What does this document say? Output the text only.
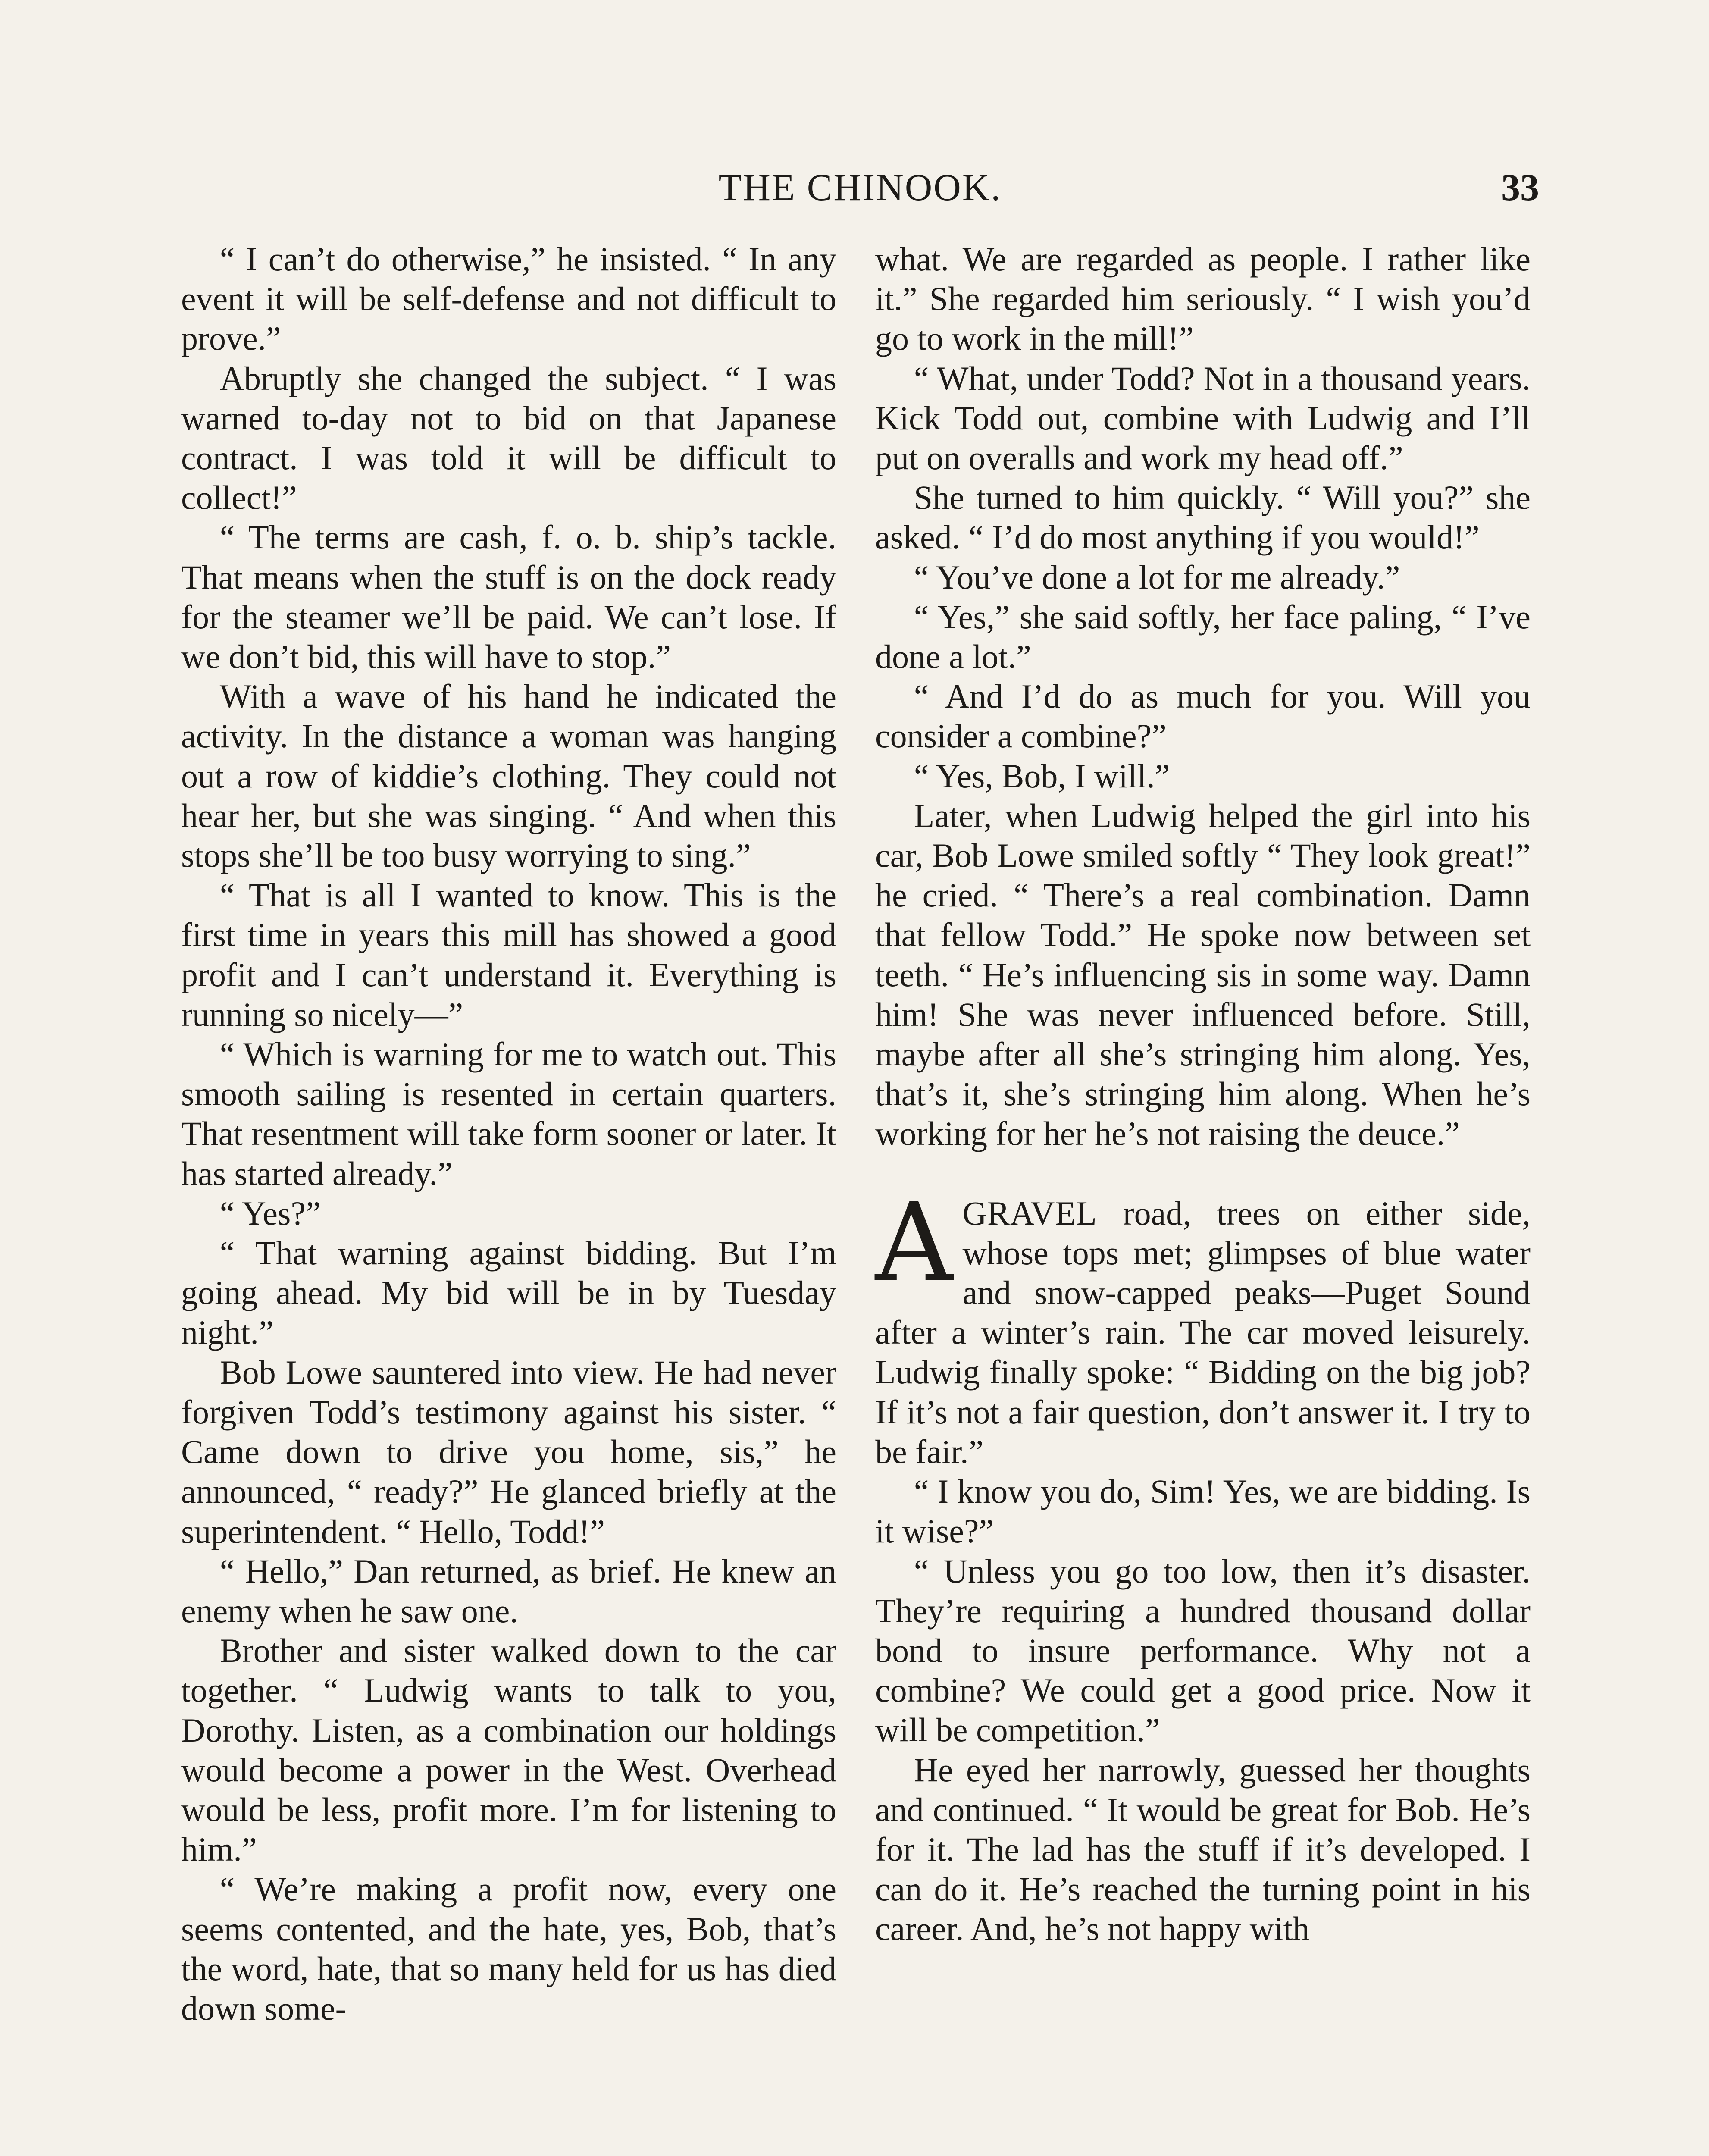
THE CHINOOK.	33

“ I can’t do otherwise,” he insisted. “ In any event it will be self-defense and not difficult to prove.”

Abruptly she changed the subject. “ I was warned to-day not to bid on that Japanese contract. I was told it will be difficult to collect!”

“ The terms are cash, f. o. b. ship’s tackle. That means when the stuff is on the dock ready for the steamer we’ll be paid. We can’t lose. If we don’t bid, this will have to stop.”

With a wave of his hand he indicated the activity. In the distance a woman was hanging out a row of kiddie’s clothing. They could not hear her, but she was singing. “ And when this stops she’ll be too busy worrying to sing.”

“ That is all I wanted to know. This is the first time in years this mill has showed a good profit and I can’t understand it. Everything is running so nicely—”

“ Which is warning for me to watch out. This smooth sailing is resented in certain quarters. That resentment will take form sooner or later. It has started already.”

“ Yes?”

“ That warning against bidding. But I’m going ahead. My bid will be in by Tuesday night.”

Bob Lowe sauntered into view. He had never forgiven Todd’s testimony against his sister. “ Came down to drive you home, sis,” he announced, “ ready?” He glanced briefly at the superintendent. “ Hello, Todd!”

“ Hello,” Dan returned, as brief. He knew an enemy when he saw one.

Brother and sister walked down to the car together. “ Ludwig wants to talk to you, Dorothy. Listen, as a combination our holdings would become a power in the West. Overhead would be less, profit more. I’m for listening to him.”

“ We’re making a profit now, every one seems contented, and the hate, yes, Bob, that’s the word, hate, that so many held for us has died down some-

what. We are regarded as people. I rather like it.” She regarded him seriously. “ I wish you’d go to work in the mill!”

“ What, under Todd? Not in a thousand years. Kick Todd out, combine with Ludwig and I’ll put on overalls and work my head off.”

She turned to him quickly. “ Will you?” she asked. “ I’d do most anything if you would!”

“ You’ve done a lot for me already.”

“ Yes,” she said softly, her face paling, “ I’ve done a lot.”

“ And I’d do as much for you. Will you consider a combine?”

“ Yes, Bob, I will.”

Later, when Ludwig helped the girl into his car, Bob Lowe smiled softly “ They look great!” he cried. “ There’s a real combination. Damn that fellow Todd.” He spoke now between set teeth. “ He’s influencing sis in some way. Damn him! She was never influenced before. Still, maybe after all she’s stringing him along. Yes, that’s it, she’s stringing him along. When he’s working for her he’s not raising the deuce.”

AGRAVEL road, trees on either side, whose tops met; glimpses of blue water and snow-capped peaks—Puget Sound after a winter’s rain. The car moved leisurely. Ludwig finally spoke: “ Bidding on the big job? If it’s not a fair question, don’t answer it. I try to be fair.”

“ I know you do, Sim! Yes, we are bidding. Is it wise?”

“ Unless you go too low, then it’s disaster. They’re requiring a hundred thousand dollar bond to insure performance. Why not a combine? We could get a good price. Now it will be competition.”

He eyed her narrowly, guessed her thoughts and continued. “ It would be great for Bob. He’s for it. The lad has the stuff if it’s developed. I can do it. He’s reached the turning point in his career. And, he’s not happy with
